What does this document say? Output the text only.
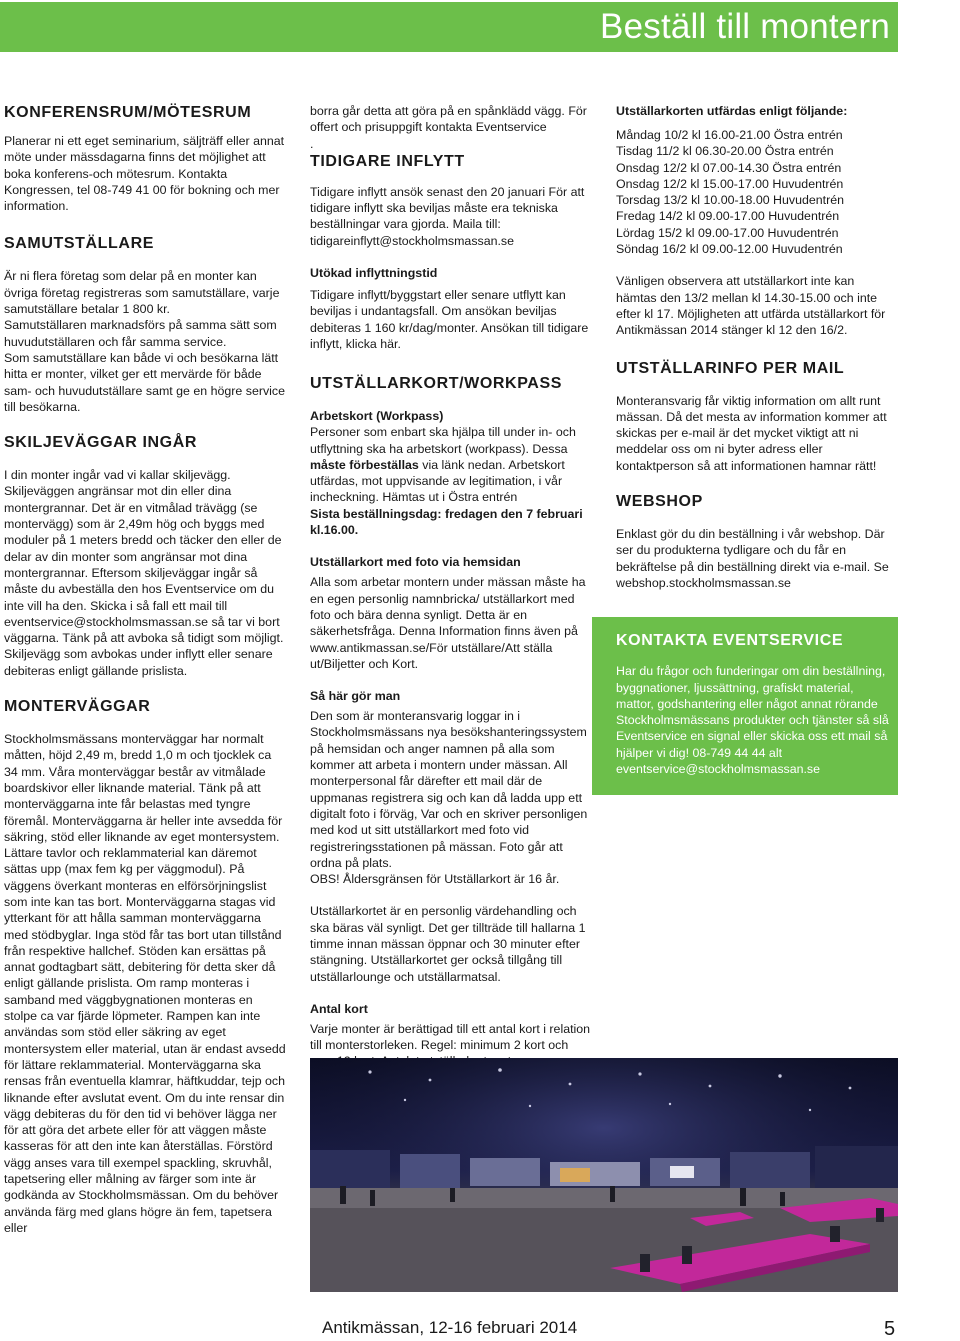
Beställ till montern
KONFERENSRUM/MÖTESRUM

Planerar ni ett eget seminarium, säljträff eller annat möte under mässdagarna finns det möjlighet att boka konferens-och mötesrum. Kontakta Kongressen, tel 08-749 41 00 för bokning och mer information.

SAMUTSTÄLLARE

Är ni flera företag som delar på en monter kan övriga företag registreras som samutställare, varje samutställare betalar 1 800 kr.

Samutställaren marknadsförs på samma sätt som huvudutställaren och får samma service.

Som samutställare kan både vi och besökarna lätt hitta er monter, vilket ger ett mervärde för både sam- och huvudutställare samt ge en högre service till besökarna.

SKILJEVÄGGAR INGÅR

I din monter ingår vad vi kallar skiljevägg. Skiljeväggen angränsar mot din eller dina montergrannar. Det är en vitmålad trävägg (se montervägg) som är 2,49m hög och byggs med moduler på 1 meters bredd och täcker den eller de delar av din monter som angränsar mot dina montergrannar. Eftersom skiljeväggar ingår så måste du avbeställa den hos Eventservice om du inte vill ha den. Skicka i så fall ett mail till eventservice@stockholmsmassan.se så tar vi bort väggarna. Tänk på att avboka så tidigt som möjligt. Skiljevägg som avbokas under inflytt eller senare debiteras enligt gällande prislista.

MONTERVÄGGAR

Stockholmsmässans monterväggar har normalt måtten, höjd 2,49 m, bredd 1,0 m och tjocklek ca 34 mm. Våra monterväggar består av vitmålade boardskivor eller liknande material. Tänk på att monterväggarna inte får belastas med tyngre föremål. Monterväggarna är heller inte avsedda för säkring, stöd eller liknande av eget montersystem. Lättare tavlor och reklammaterial kan däremot sättas upp (max fem kg per väggmodul). På väggens överkant monteras en elförsörjningslist som inte kan tas bort. Monterväggarna stagas vid ytterkant för att hålla samman monterväggarna med stödbyglar. Inga stöd får tas bort utan tillstånd från respektive hallchef. Stöden kan ersättas på annat godtagbart sätt, debitering för detta sker då enligt gällande prislista. Om ramp monteras i samband med väggbygnationen monteras en stolpe ca var fjärde löpmeter. Rampen kan inte användas som stöd eller säkring av eget montersystem eller material, utan är endast avsedd för lättare reklammaterial. Monterväggarna ska rensas från eventuella klamrar, häftkuddar, tejp och liknande efter avslutat event. Om du inte rensar din vägg debiteras du för den tid vi behöver lägga ner för att göra det arbete eller för att väggen måste kasseras för att den inte kan återställas. Förstörd vägg anses vara till exempel spackling, skruvhål, tapetsering eller målning av färger som inte är godkända av Stockholmsmässan. Om du behöver använda färg med glans högre än fem, tapetsera eller

borra går detta att göra på en spånklädd vägg. För offert och prisuppgift kontakta Eventservice

.

TIDIGARE INFLYTT

Tidigare inflytt ansök senast den 20 januari För att tidigare inflytt ska beviljas måste era tekniska beställningar vara gjorda. Maila till: tidigareinflytt@stockholmsmassan.se

Utökad inflyttningstid

Tidigare inflytt/byggstart eller senare utflytt kan beviljas i undantagsfall. Om ansökan beviljas debiteras 1 160 kr/dag/monter. Ansökan till tidigare inflytt, klicka här.

UTSTÄLLARKORT/WORKPASS
Arbetskort (Workpass)

Personer som enbart ska hjälpa till under in- och utflyttning ska ha arbetskort (workpass). Dessa måste förbeställas via länk nedan. Arbetskort utfärdas, mot uppvisande av legitimation, i vår incheckning. Hämtas ut i Östra entrén

Sista beställningsdag: fredagen den 7 februari kl.16.00.

Utställarkort med foto via hemsidan

Alla som arbetar montern under mässan måste ha en egen personlig namnbricka/ utställarkort med foto och bära denna synligt. Detta är en säkerhetsfråga. Denna Information finns även på www.antikmassan.se/För utställare/Att ställa ut/Biljetter och Kort.

Så här gör man

Den som är monteransvarig loggar in i Stockholmsmässans nya besökshanteringssystem på hemsidan och anger namnen på alla som kommer att arbeta i montern under mässan. All monterpersonal får därefter ett mail där de uppmanas registrera sig och kan då ladda upp ett digitalt foto i förväg, Var och en skriver personligen med kod ut sitt utställarkort med foto vid registreringsstationen på mässan. Foto går att ordna på plats.

OBS! Åldersgränsen för Utställarkort är 16 år.

Utställarkortet är en personlig värdehandling och ska bäras väl synligt. Det ger tillträde till hallarna 1 timme innan mässan öppnar och 30 minuter efter stängning. Utställarkortet ger också tillgång till utställarlounge och utställarmatsal.

Antal kort

Varje monter är berättigad till ett antal kort i relation till monterstorleken. Regel: minimum 2 kort och

Utställarkorten utfärdas enligt följande:
Måndag 10/2 kl 16.00-21.00 Östra entrén
Tisdag 11/2 kl 06.30-20.00 Östra entrén
Onsdag 12/2 kl 07.00-14.30 Östra entrén
Onsdag 12/2 kl 15.00-17.00 Huvudentrén
Torsdag 13/2 kl 10.00-18.00 Huvudentrén
Fredag 14/2 kl 09.00-17.00 Huvudentrén
Lördag 15/2 kl 09.00-17.00 Huvudentrén
Söndag 16/2 kl 09.00-12.00 Huvudentrén

Vänligen observera att utställarkort inte kan hämtas den 13/2 mellan kl 14.30-15.00 och inte efter kl 17. Möjligheten att utfärda utställarkort för Antikmässan 2014 stänger kl 12 den 16/2.

UTSTÄLLARINFO PER MAIL

Monteransvarig får viktig information om allt runt mässan. Då det mesta av information kommer att skickas per e-mail är det mycket viktigt att ni meddelar oss om ni byter adress eller kontaktperson så att informationen hamnar rätt!

WEBSHOP

Enklast gör du din beställning i vår webshop. Där ser du produkterna tydligare och du får en bekräftelse på din beställning direkt via e-mail. Se webshop.stockholmsmassan.se

KONTAKTA EVENTSERVICE

Har du frågor och funderingar om din beställning, byggnationer, ljussättning, grafiskt material, mattor, godshantering eller något annat rörande Stockholmsmässans produkter och tjänster så slå Eventservice en signal eller skicka oss ett mail så hjälper vi dig! 08-749 44 44 alt eventservice@stockholmsmassan.se

Antikmässan, 12-16 februari 2014	5
